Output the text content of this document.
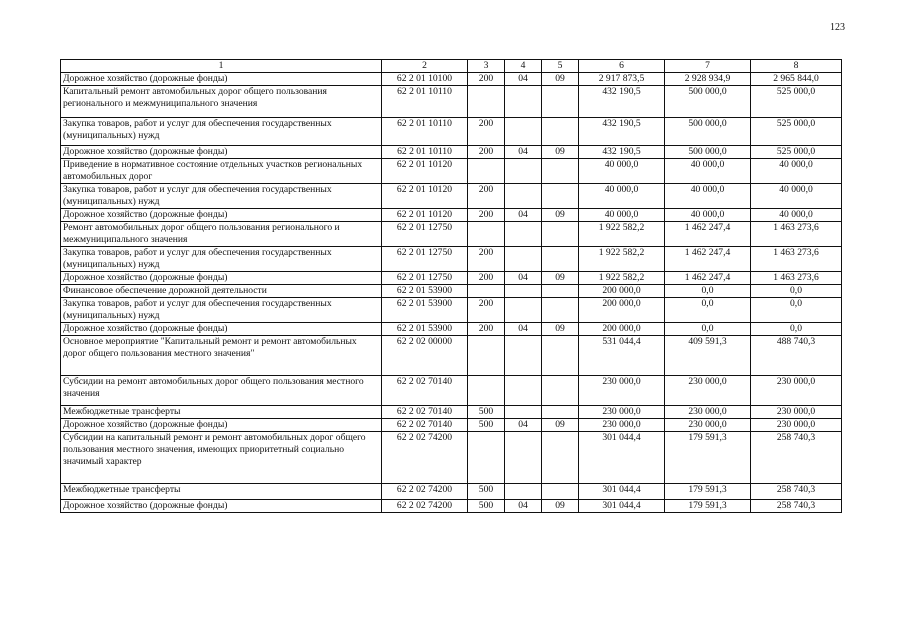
123
1	2	3	4	5	6	7	8
Дорожное хозяйство (дорожные фонды)	62 2 01 10100	200	04	09	2 917 873,5	2 928 934,9	2 965 844,0
Капитальный ремонт автомобильных дорог общего пользования регионального и межмуниципального значения	62 2 01 10110				432 190,5	500 000,0	525 000,0
Закупка товаров, работ и услуг для обеспечения государственных (муниципальных) нужд	62 2 01 10110	200			432 190,5	500 000,0	525 000,0
Дорожное хозяйство (дорожные фонды)	62 2 01 10110	200	04	09	432 190,5	500 000,0	525 000,0
Приведение в нормативное состояние отдельных участков региональных автомобильных дорог	62 2 01 10120				40 000,0	40 000,0	40 000,0
Закупка товаров, работ и услуг для обеспечения государственных (муниципальных) нужд	62 2 01 10120	200			40 000,0	40 000,0	40 000,0
Дорожное хозяйство (дорожные фонды)	62 2 01 10120	200	04	09	40 000,0	40 000,0	40 000,0
Ремонт автомобильных дорог общего пользования регионального и межмуниципального значения	62 2 01 12750				1 922 582,2	1 462 247,4	1 463 273,6
Закупка товаров, работ и услуг для обеспечения государственных (муниципальных) нужд	62 2 01 12750	200			1 922 582,2	1 462 247,4	1 463 273,6
Дорожное хозяйство (дорожные фонды)	62 2 01 12750	200	04	09	1 922 582,2	1 462 247,4	1 463 273,6
Финансовое обеспечение дорожной деятельности	62 2 01 53900				200 000,0	0,0	0,0
Закупка товаров, работ и услуг для обеспечения государственных (муниципальных) нужд	62 2 01 53900	200			200 000,0	0,0	0,0
Дорожное хозяйство (дорожные фонды)	62 2 01 53900	200	04	09	200 000,0	0,0	0,0
Основное мероприятие "Капитальный ремонт и ремонт автомобильных дорог общего пользования местного значения"	62 2 02 00000				531 044,4	409 591,3	488 740,3
Субсидии на ремонт автомобильных дорог общего пользования местного значения	62 2 02 70140				230 000,0	230 000,0	230 000,0
Межбюджетные трансферты	62 2 02 70140	500			230 000,0	230 000,0	230 000,0
Дорожное хозяйство (дорожные фонды)	62 2 02 70140	500	04	09	230 000,0	230 000,0	230 000,0
Субсидии на капитальный ремонт и ремонт автомобильных дорог общего пользования местного значения, имеющих приоритетный социально значимый характер	62 2 02 74200				301 044,4	179 591,3	258 740,3
Межбюджетные трансферты	62 2 02 74200	500			301 044,4	179 591,3	258 740,3
Дорожное хозяйство (дорожные фонды)	62 2 02 74200	500	04	09	301 044,4	179 591,3	258 740,3
